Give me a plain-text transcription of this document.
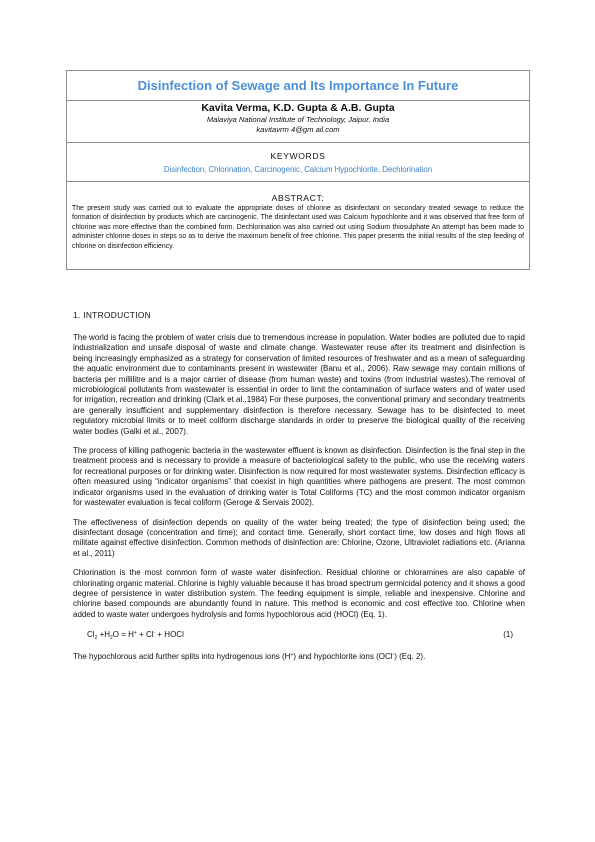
Disinfection of Sewage and Its Importance In Future
Kavita Verma, K.D. Gupta & A.B. Gupta
Malaviya National Institute of Technology, Jaipur, India
kavitavrm 4@gm ail.com
KEYWORDS
Disinfection, Chlorination, Carcinogenic, Calcium Hypochlorite, Dechlorination
ABSTRACT:
The present study was carried out to evaluate the appropriate doses of chlorine as disinfectant on secondary treated sewage to reduce the formation of disinfection by products which are carcinogenic. The disinfectant used was Calcium hypochlorite and it was observed that free form of chlorine was more effective than the combined form. Dechlorination was also carried out using Sodium thiosulphate An attempt has been made to administer chlorine doses in steps so as to derive the maximum benefit of free chlorine. This paper presents the initial results of the step feeding of chlorine on disinfection efficiency.
1. INTRODUCTION

The world is facing the problem of water crisis due to tremendous increase in population. Water bodies are polluted due to rapid industrialization and unsafe disposal of waste and climate change. Wastewater reuse after its treatment and disinfection is being increasingly emphasized as a strategy for conservation of limited resources of freshwater and as a mean of safeguarding the aquatic environment due to contaminants present in wastewater (Banu et al., 2006). Raw sewage may contain millions of bacteria per millilitre and is a major carrier of disease (from human waste) and toxins (from industrial wastes).The removal of microbiological pollutants from wastewater is essential in order to limit the contamination of surface waters and of water used for irrigation, recreation and drinking (Clark et al.,1984) For these purposes, the conventional primary and secondary treatments are generally insufficient and supplementary disinfection is therefore necessary. Sewage has to be disinfected to meet regulatory microbial limits or to meet coliform discharge standards in order to preserve the biological quality of the receiving water bodies (Galki et al., 2007).

The process of killing pathogenic bacteria in the wastewater effluent is known as disinfection. Disinfection is the final step in the treatment process and is necessary to provide a measure of bacteriological safety to the public, who use the receiving waters for recreational purposes or for drinking water. Disinfection is now required for most wastewater systems. Disinfection efficacy is often measured using “indicator organisms” that coexist in high quantities where pathogens are present. The most common indicator organisms used in the evaluation of drinking water is Total Coliforms (TC) and the most common indicator organism for wastewater evaluation is fecal coliform (Geroge & Servais 2002).

The effectiveness of disinfection depends on quality of the water being treated; the type of disinfection being used; the disinfectant dosage (concentration and time); and contact time. Generally, short contact time, low doses and high flows all militate against effective disinfection. Common methods of disinfection are: Chlorine, Ozone, Ultraviolet radiations etc. (Arianna et al., 2011)

Chlorination is the most common form of waste water disinfection. Residual chlorine or chloramines are also capable of chlorinating organic material. Chlorine is highly valuable because it has broad spectrum germicidal potency and it shows a good degree of persistence in water distribution system. The feeding equipment is simple, reliable and inexpensive. Chlorine and chlorine based compounds are abundantly found in nature. This method is economic and cost effective too. Chlorine when added to waste water undergoes hydrolysis and forms hypochlorous acid (HOCl) (Eq. 1).

$Cl_2 +H_2O = H^+ + Cl^-$ + HOCl	(1)

The hypochlorous acid further splits into hydrogenous ions (H+) and hypochlorite ions (OCl-) (Eq. 2).
